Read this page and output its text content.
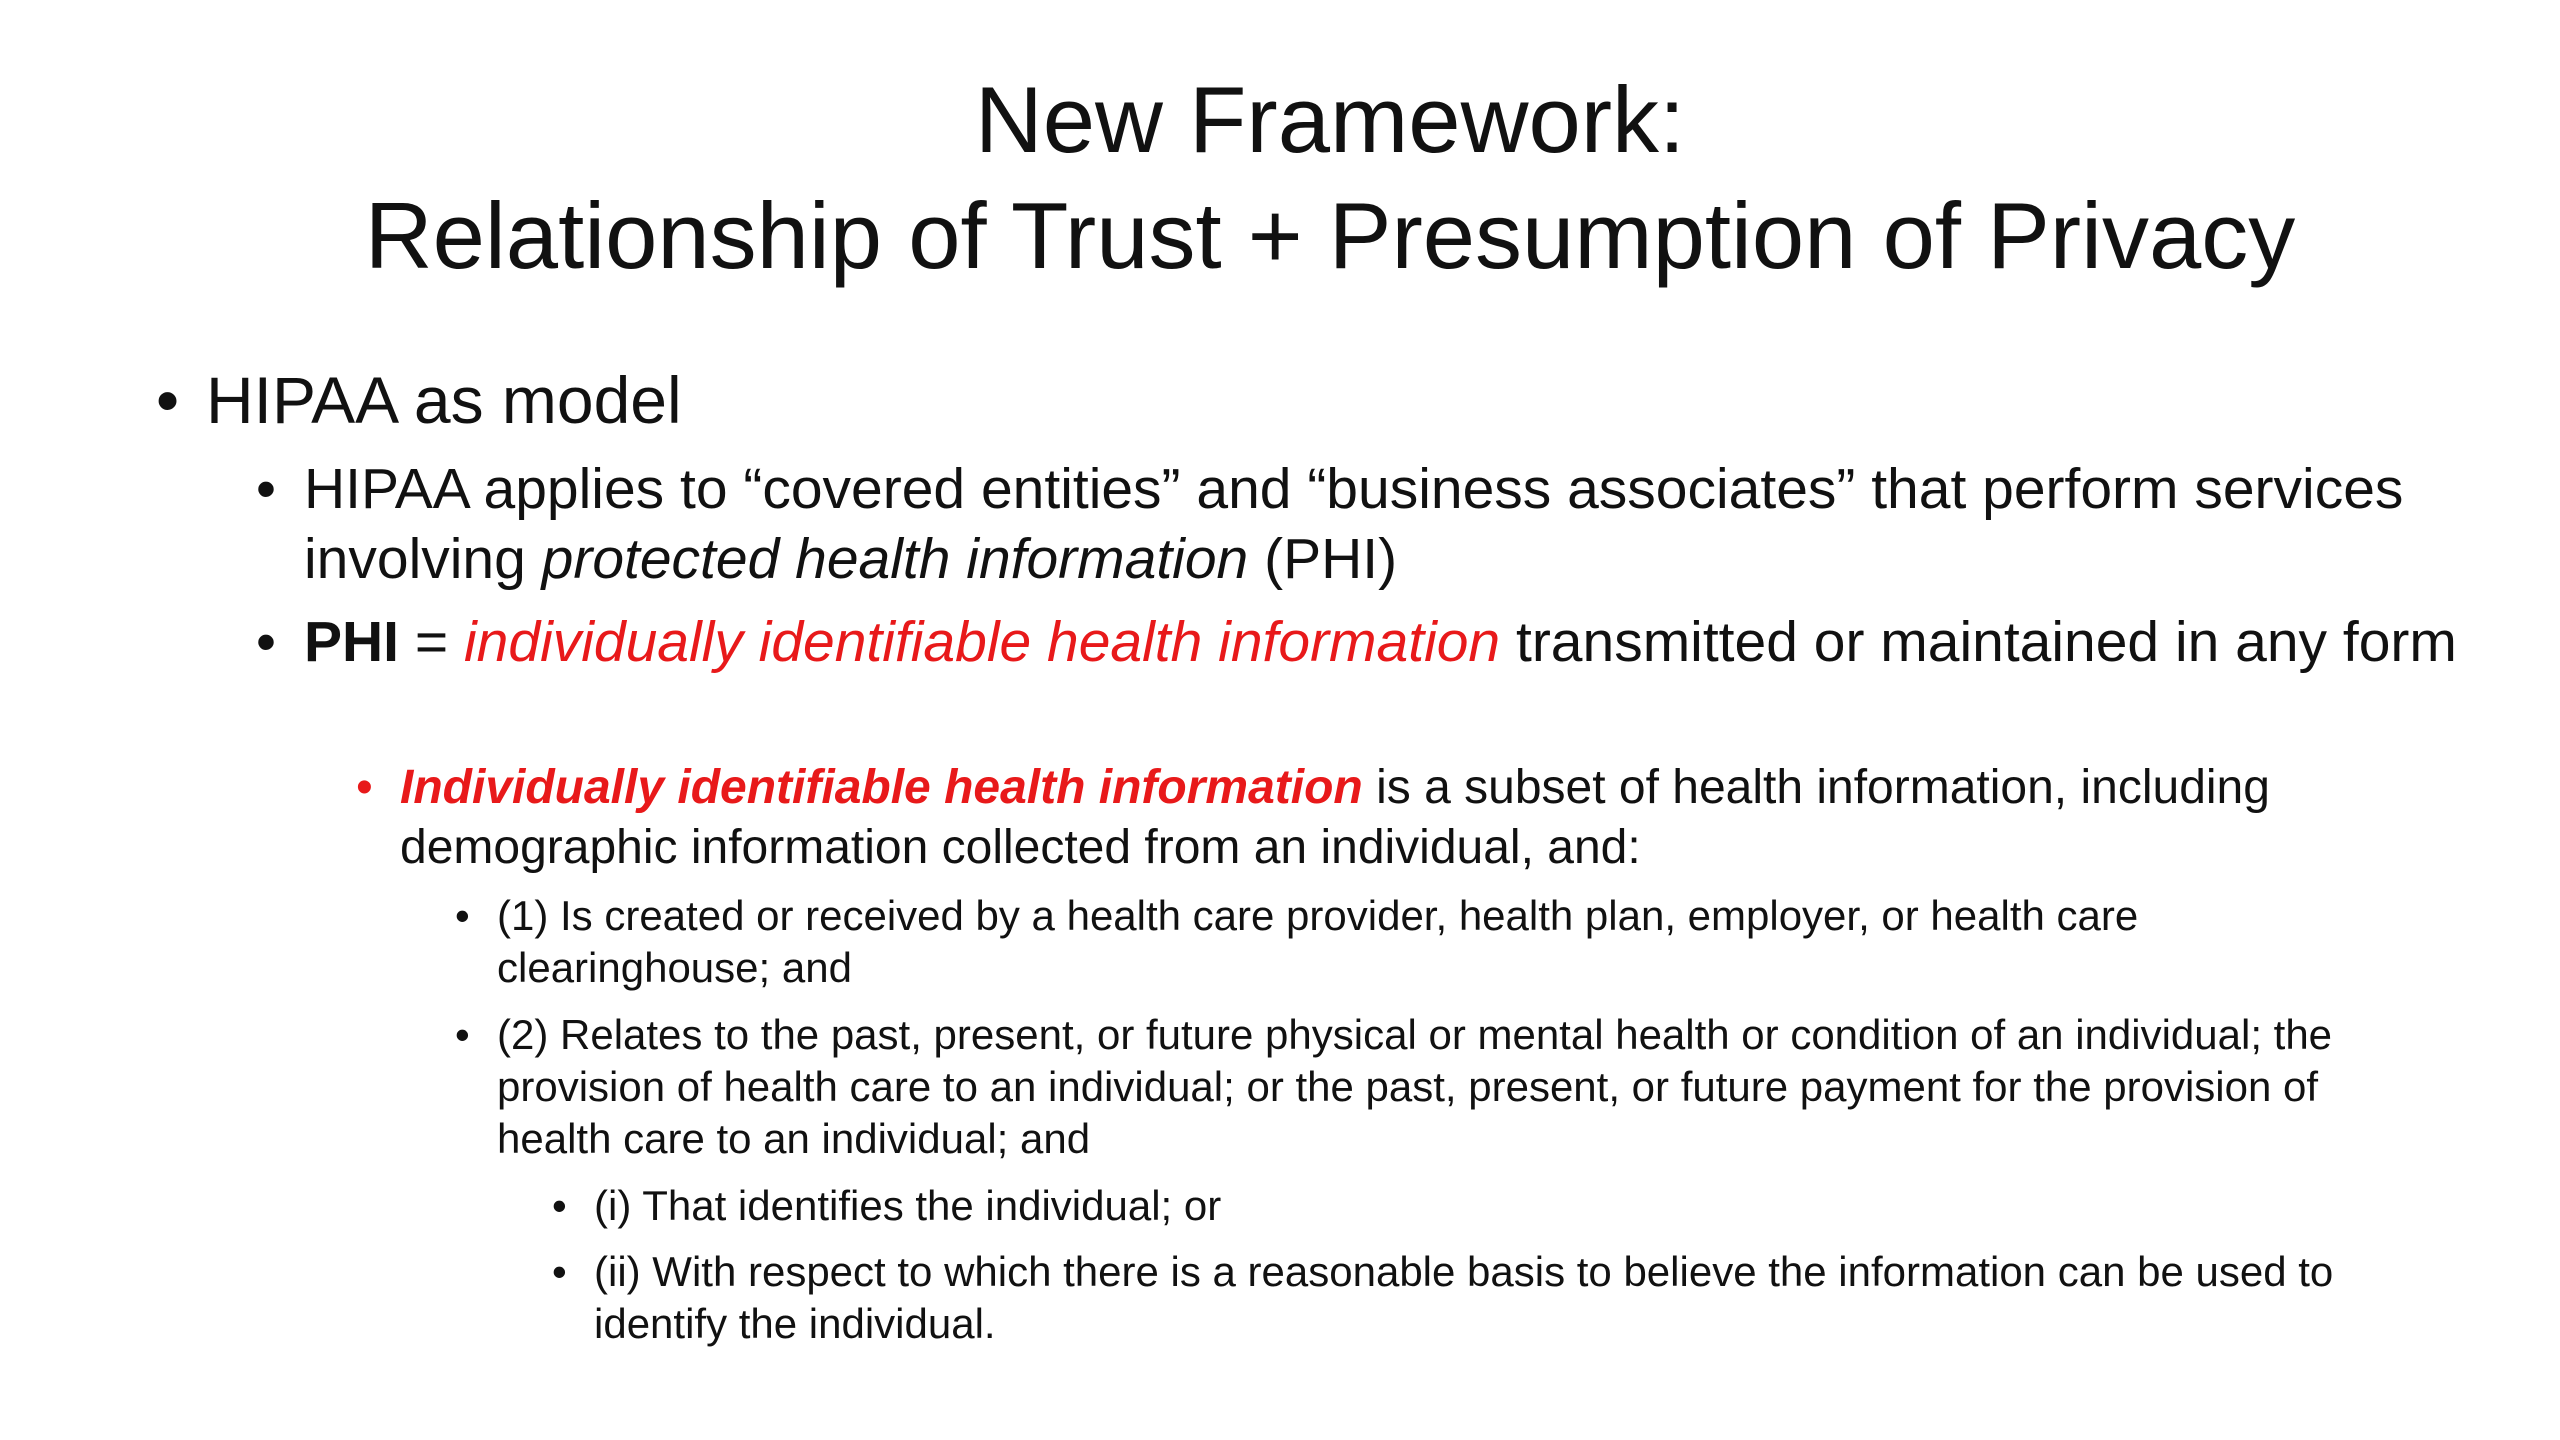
New Framework:
Relationship of Trust + Presumption of Privacy
• HIPAA as model
• HIPAA applies to “covered entities” and “business associates” that perform services involving protected health information (PHI)
• PHI = individually identifiable health information transmitted or maintained in any form
• Individually identifiable health information is a subset of health information, including demographic information collected from an individual, and:
• (1) Is created or received by a health care provider, health plan, employer, or health care clearinghouse; and
• (2) Relates to the past, present, or future physical or mental health or condition of an individual; the provision of health care to an individual; or the past, present, or future payment for the provision of health care to an individual; and
• (i) That identifies the individual; or
• (ii) With respect to which there is a reasonable basis to believe the information can be used to identify the individual.
